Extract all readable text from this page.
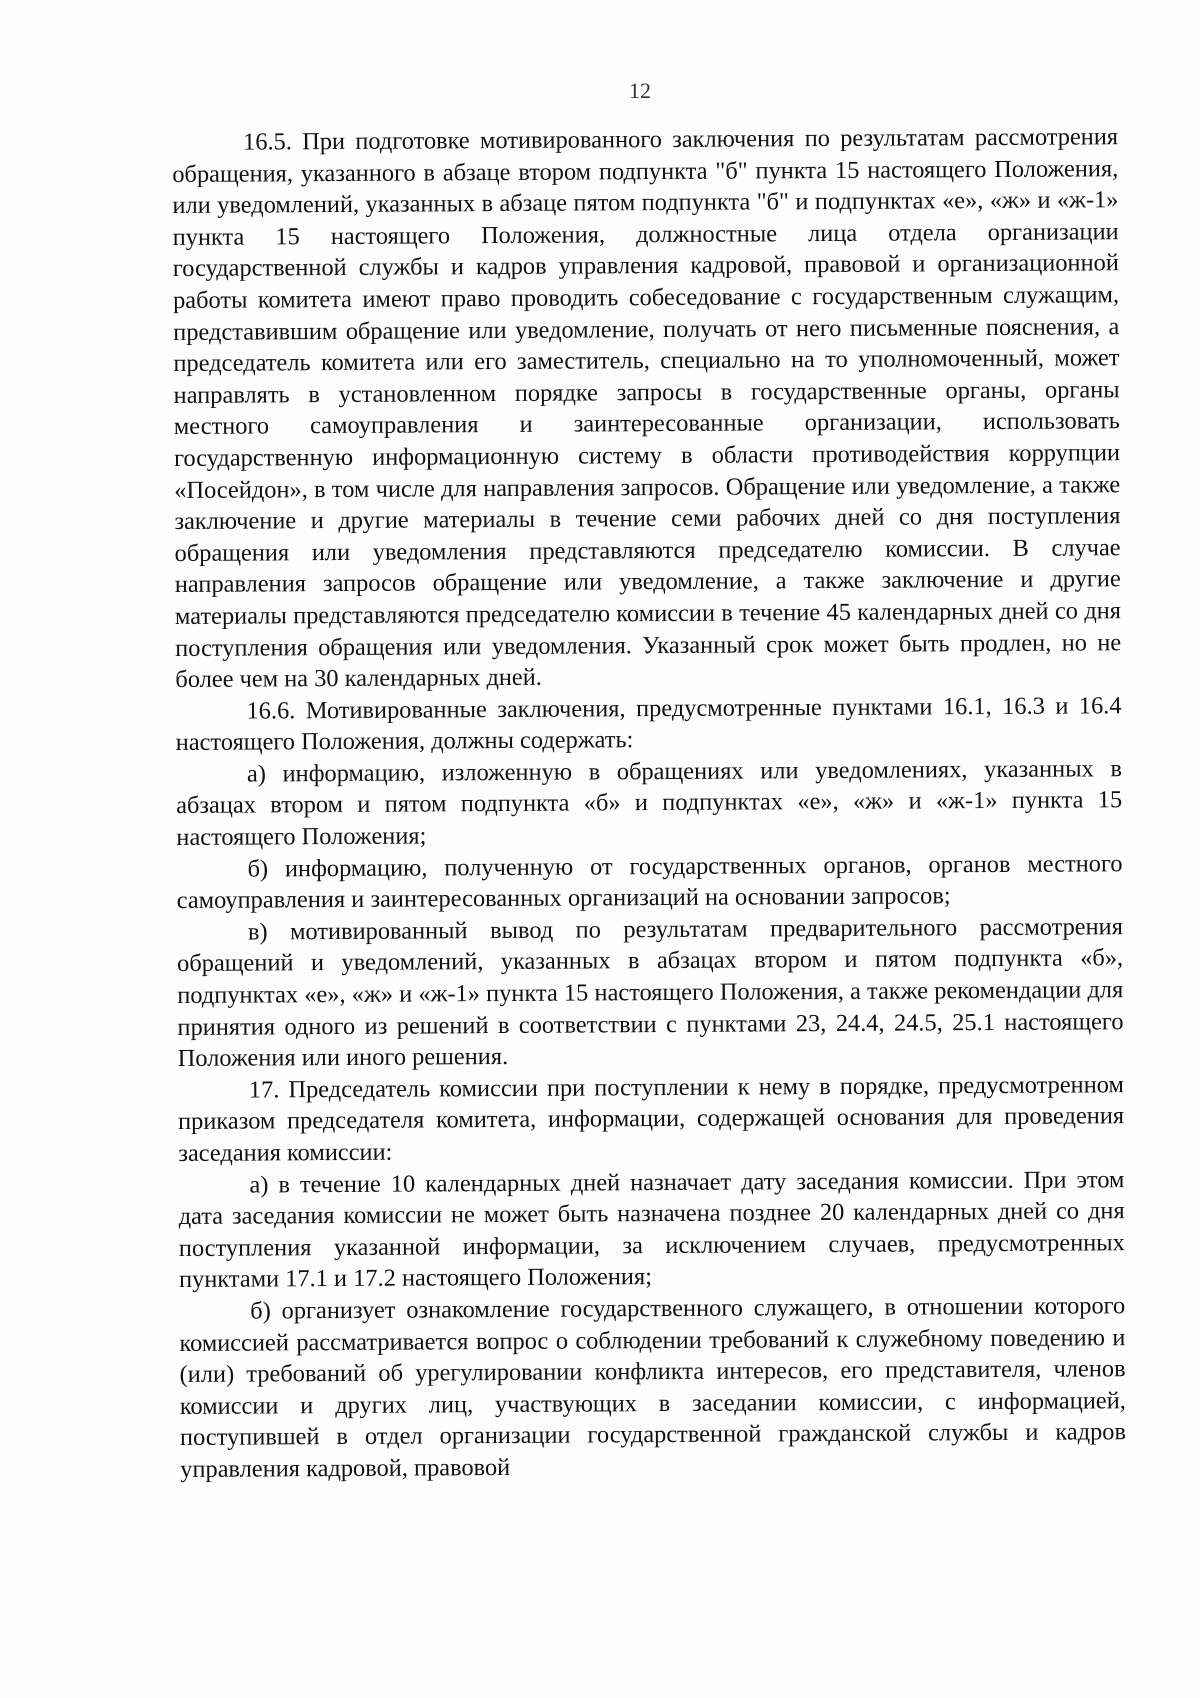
12

16.5. При подготовке мотивированного заключения по результатам рассмотрения обращения, указанного в абзаце втором подпункта "б" пункта 15 настоящего Положения, или уведомлений, указанных в абзаце пятом подпункта "б" и подпунктах «е», «ж» и «ж-1» пункта 15 настоящего Положения, должностные лица отдела организации государственной службы и кадров управления кадровой, правовой и организационной работы комитета имеют право проводить собеседование с государственным служащим, представившим обращение или уведомление, получать от него письменные пояснения, а председатель комитета или его заместитель, специально на то уполномоченный, может направлять в установленном порядке запросы в государственные органы, органы местного самоуправления и заинтересованные организации, использовать государственную информационную систему в области противодействия коррупции «Посейдон», в том числе для направления запросов. Обращение или уведомление, а также заключение и другие материалы в течение семи рабочих дней со дня поступления обращения или уведомления представляются председателю комиссии. В случае направления запросов обращение или уведомление, а также заключение и другие материалы представляются председателю комиссии в течение 45 календарных дней со дня поступления обращения или уведомления. Указанный срок может быть продлен, но не более чем на 30 календарных дней.

16.6. Мотивированные заключения, предусмотренные пунктами 16.1, 16.3 и 16.4 настоящего Положения, должны содержать:

а) информацию, изложенную в обращениях или уведомлениях, указанных в абзацах втором и пятом подпункта «б» и подпунктах «е», «ж» и «ж-1» пункта 15 настоящего Положения;

б) информацию, полученную от государственных органов, органов местного самоуправления и заинтересованных организаций на основании запросов;

в) мотивированный вывод по результатам предварительного рассмотрения обращений и уведомлений, указанных в абзацах втором и пятом подпункта «б», подпунктах «е», «ж» и «ж-1» пункта 15 настоящего Положения, а также рекомендации для принятия одного из решений в соответствии с пунктами 23, 24.4, 24.5, 25.1 настоящего Положения или иного решения.

17. Председатель комиссии при поступлении к нему в порядке, предусмотренном приказом председателя комитета, информации, содержащей основания для проведения заседания комиссии:

а) в течение 10 календарных дней назначает дату заседания комиссии. При этом дата заседания комиссии не может быть назначена позднее 20 календарных дней со дня поступления указанной информации, за исключением случаев, предусмотренных пунктами 17.1 и 17.2 настоящего Положения;

б) организует ознакомление государственного служащего, в отношении которого комиссией рассматривается вопрос о соблюдении требований к служебному поведению и (или) требований об урегулировании конфликта интересов, его представителя, членов комиссии и других лиц, участвующих в заседании комиссии, с информацией, поступившей в отдел организации государственной гражданской службы и кадров управления кадровой, правовой
